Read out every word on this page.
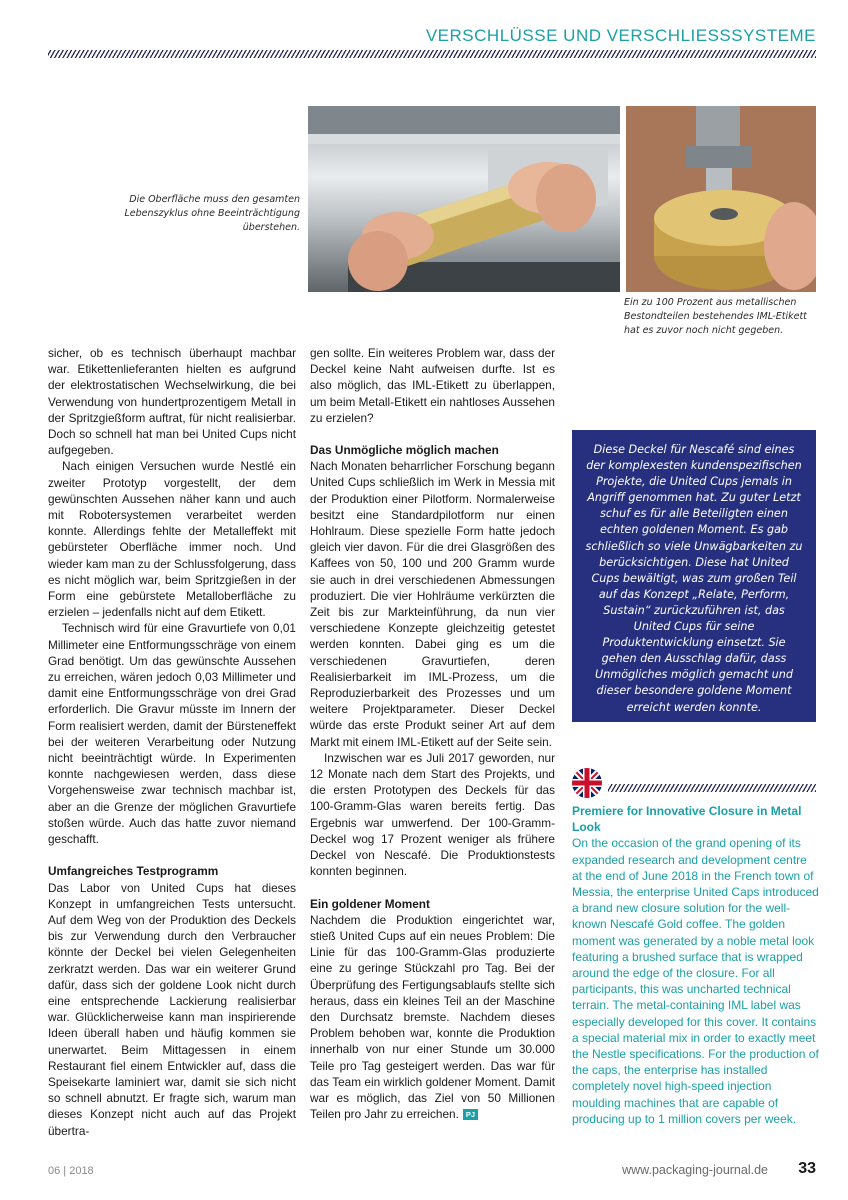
VERSCHLÜSSE UND VERSCHLIESSSYSTEME
Die Oberfläche muss den gesamten Lebenszyklus ohne Beeinträchtigung überstehen.
Ein zu 100 Prozent aus metallischen Bestondteilen bestehendes IML-Etikett hat es zuvor noch nicht gegeben.

sicher, ob es technisch überhaupt machbar war. Etikettenlieferanten hielten es aufgrund der elektrostatischen Wechselwirkung, die bei Verwendung von hundertprozentigem Metall in der Spritzgießform auftrat, für nicht realisierbar. Doch so schnell hat man bei United Cups nicht aufgegeben.

Nach einigen Versuchen wurde Nestlé ein zweiter Prototyp vorgestellt, der dem gewünschten Aussehen näher kann und auch mit Robotersystemen verarbeitet werden konnte. Allerdings fehlte der Metalleffekt mit gebürsteter Oberfläche immer noch. Und wieder kam man zu der Schlussfolgerung, dass es nicht möglich war, beim Spritzgießen in der Form eine gebürstete Metalloberfläche zu erzielen – jedenfalls nicht auf dem Etikett.

Technisch wird für eine Gravurtiefe von 0,01 Millimeter eine Entformungsschräge von einem Grad benötigt. Um das gewünschte Aussehen zu erreichen, wären jedoch 0,03 Millimeter und damit eine Entformungsschräge von drei Grad erforderlich. Die Gravur müsste im Innern der Form realisiert werden, damit der Bürsteneffekt bei der weiteren Verarbeitung oder Nutzung nicht beeinträchtigt würde. In Experimenten konnte nachgewiesen werden, dass diese Vorgehensweise zwar technisch machbar ist, aber an die Grenze der möglichen Gravurtiefe stoßen würde. Auch das hatte zuvor niemand geschafft.

Umfangreiches Testprogramm

Das Labor von United Cups hat dieses Konzept in umfangreichen Tests untersucht. Auf dem Weg von der Produktion des Deckels bis zur Verwendung durch den Verbraucher könnte der Deckel bei vielen Gelegenheiten zerkratzt werden. Das war ein weiterer Grund dafür, dass sich der goldene Look nicht durch eine entsprechende Lackierung realisierbar war. Glücklicherweise kann man inspirierende Ideen überall haben und häufig kommen sie unerwartet. Beim Mittagessen in einem Restaurant fiel einem Entwickler auf, dass die Speisekarte laminiert war, damit sie sich nicht so schnell abnutzt. Er fragte sich, warum man dieses Konzept nicht auch auf das Projekt übertra-

gen sollte. Ein weiteres Problem war, dass der Deckel keine Naht aufweisen durfte. Ist es also möglich, das IML-Etikett zu überlappen, um beim Metall-Etikett ein nahtloses Aussehen zu erzielen?

Das Unmögliche möglich machen

Nach Monaten beharrlicher Forschung begann United Cups schließlich im Werk in Messia mit der Produktion einer Pilotform. Normalerweise besitzt eine Standardpilotform nur einen Hohlraum. Diese spezielle Form hatte jedoch gleich vier davon. Für die drei Glasgrößen des Kaffees von 50, 100 und 200 Gramm wurde sie auch in drei verschiedenen Abmessungen produziert. Die vier Hohlräume verkürzten die Zeit bis zur Markteinführung, da nun vier verschiedene Konzepte gleichzeitig getestet werden konnten. Dabei ging es um die verschiedenen Gravurtiefen, deren Realisierbarkeit im IML-Prozess, um die Reproduzierbarkeit des Prozesses und um weitere Projektparameter. Dieser Deckel würde das erste Produkt seiner Art auf dem Markt mit einem IML-Etikett auf der Seite sein.

Inzwischen war es Juli 2017 geworden, nur 12 Monate nach dem Start des Projekts, und die ersten Prototypen des Deckels für das 100-Gramm-Glas waren bereits fertig. Das Ergebnis war umwerfend. Der 100-Gramm-Deckel wog 17 Prozent weniger als frühere Deckel von Nescafé. Die Produktionstests konnten beginnen.

Ein goldener Moment

Nachdem die Produktion eingerichtet war, stieß United Cups auf ein neues Problem: Die Linie für das 100-Gramm-Glas produzierte eine zu geringe Stückzahl pro Tag. Bei der Überprüfung des Fertigungsablaufs stellte sich heraus, dass ein kleines Teil an der Maschine den Durchsatz bremste. Nachdem dieses Problem behoben war, konnte die Produktion innerhalb von nur einer Stunde um 30.000 Teile pro Tag gesteigert werden. Das war für das Team ein wirklich goldener Moment. Damit war es möglich, das Ziel von 50 Millionen Teilen pro Jahr zu erreichen. PJ

Diese Deckel für Nescafé sind eines der komplexesten kundenspezifischen Projekte, die United Cups jemals in Angriff genommen hat. Zu guter Letzt schuf es für alle Beteiligten einen echten goldenen Moment. Es gab schließlich so viele Unwägbarkeiten zu berücksichtigen. Diese hat United Cups bewältigt, was zum großen Teil auf das Konzept „Relate, Perform, Sustain“ zurückzuführen ist, das United Cups für seine Produktentwicklung einsetzt. Sie gehen den Ausschlag dafür, dass Unmögliches möglich gemacht und dieser besondere goldene Moment erreicht werden konnte.
Premiere for Innovative Closure in Metal Look
On the occasion of the grand opening of its expanded research and development centre at the end of June 2018 in the French town of Messia, the enterprise United Caps introduced a brand new closure solution for the well-known Nescafé Gold coffee. The golden moment was generated by a noble metal look featuring a brushed surface that is wrapped around the edge of the closure. For all participants, this was uncharted technical terrain. The metal-containing IML label was especially developed for this cover. It contains a special material mix in order to exactly meet the Nestle specifications. For the production of the caps, the enterprise has installed completely novel high-speed injection moulding machines that are capable of producing up to 1 million covers per week.
06 | 2018	www.packaging-journal.de 33
